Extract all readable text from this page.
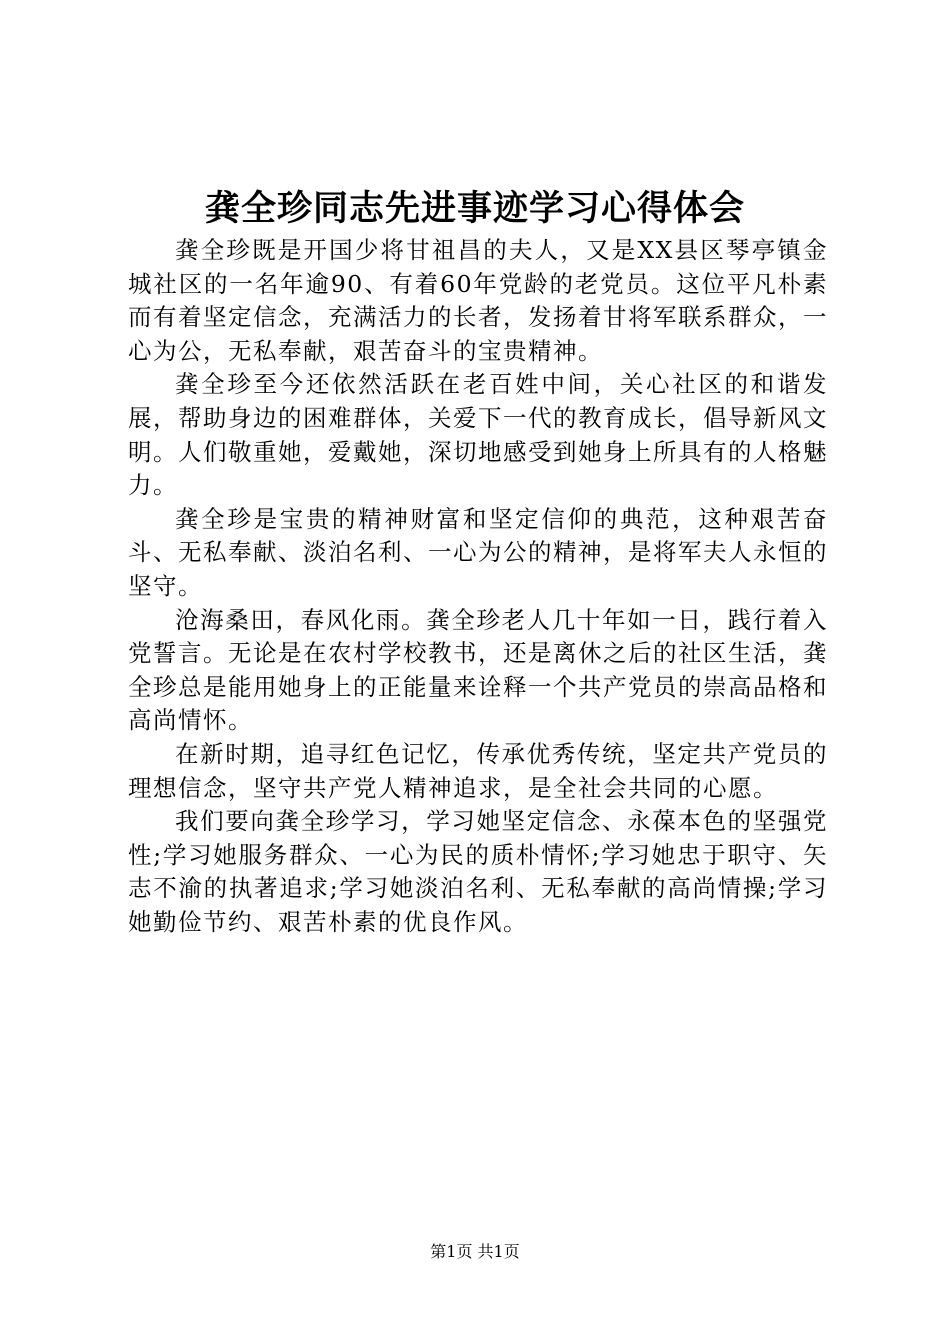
龚全珍同志先进事迹学习心得体会

龚全珍既是开国少将甘祖昌的夫人，又是XX县区琴亭镇金城社区的一名年逾90、有着60年党龄的老党员。这位平凡朴素而有着坚定信念，充满活力的长者，发扬着甘将军联系群众，一心为公，无私奉献，艰苦奋斗的宝贵精神。

龚全珍至今还依然活跃在老百姓中间，关心社区的和谐发展，帮助身边的困难群体，关爱下一代的教育成长，倡导新风文明。人们敬重她，爱戴她，深切地感受到她身上所具有的人格魅力。

龚全珍是宝贵的精神财富和坚定信仰的典范，这种艰苦奋斗、无私奉献、淡泊名利、一心为公的精神，是将军夫人永恒的坚守。

沧海桑田，春风化雨。龚全珍老人几十年如一日，践行着入党誓言。无论是在农村学校教书，还是离休之后的社区生活，龚全珍总是能用她身上的正能量来诠释一个共产党员的崇高品格和高尚情怀。

在新时期，追寻红色记忆，传承优秀传统，坚定共产党员的理想信念，坚守共产党人精神追求，是全社会共同的心愿。

我们要向龚全珍学习，学习她坚定信念、永葆本色的坚强党性;学习她服务群众、一心为民的质朴情怀;学习她忠于职守、矢志不渝的执著追求;学习她淡泊名利、无私奉献的高尚情操;学习她勤俭节约、艰苦朴素的优良作风。

第1页 共1页
